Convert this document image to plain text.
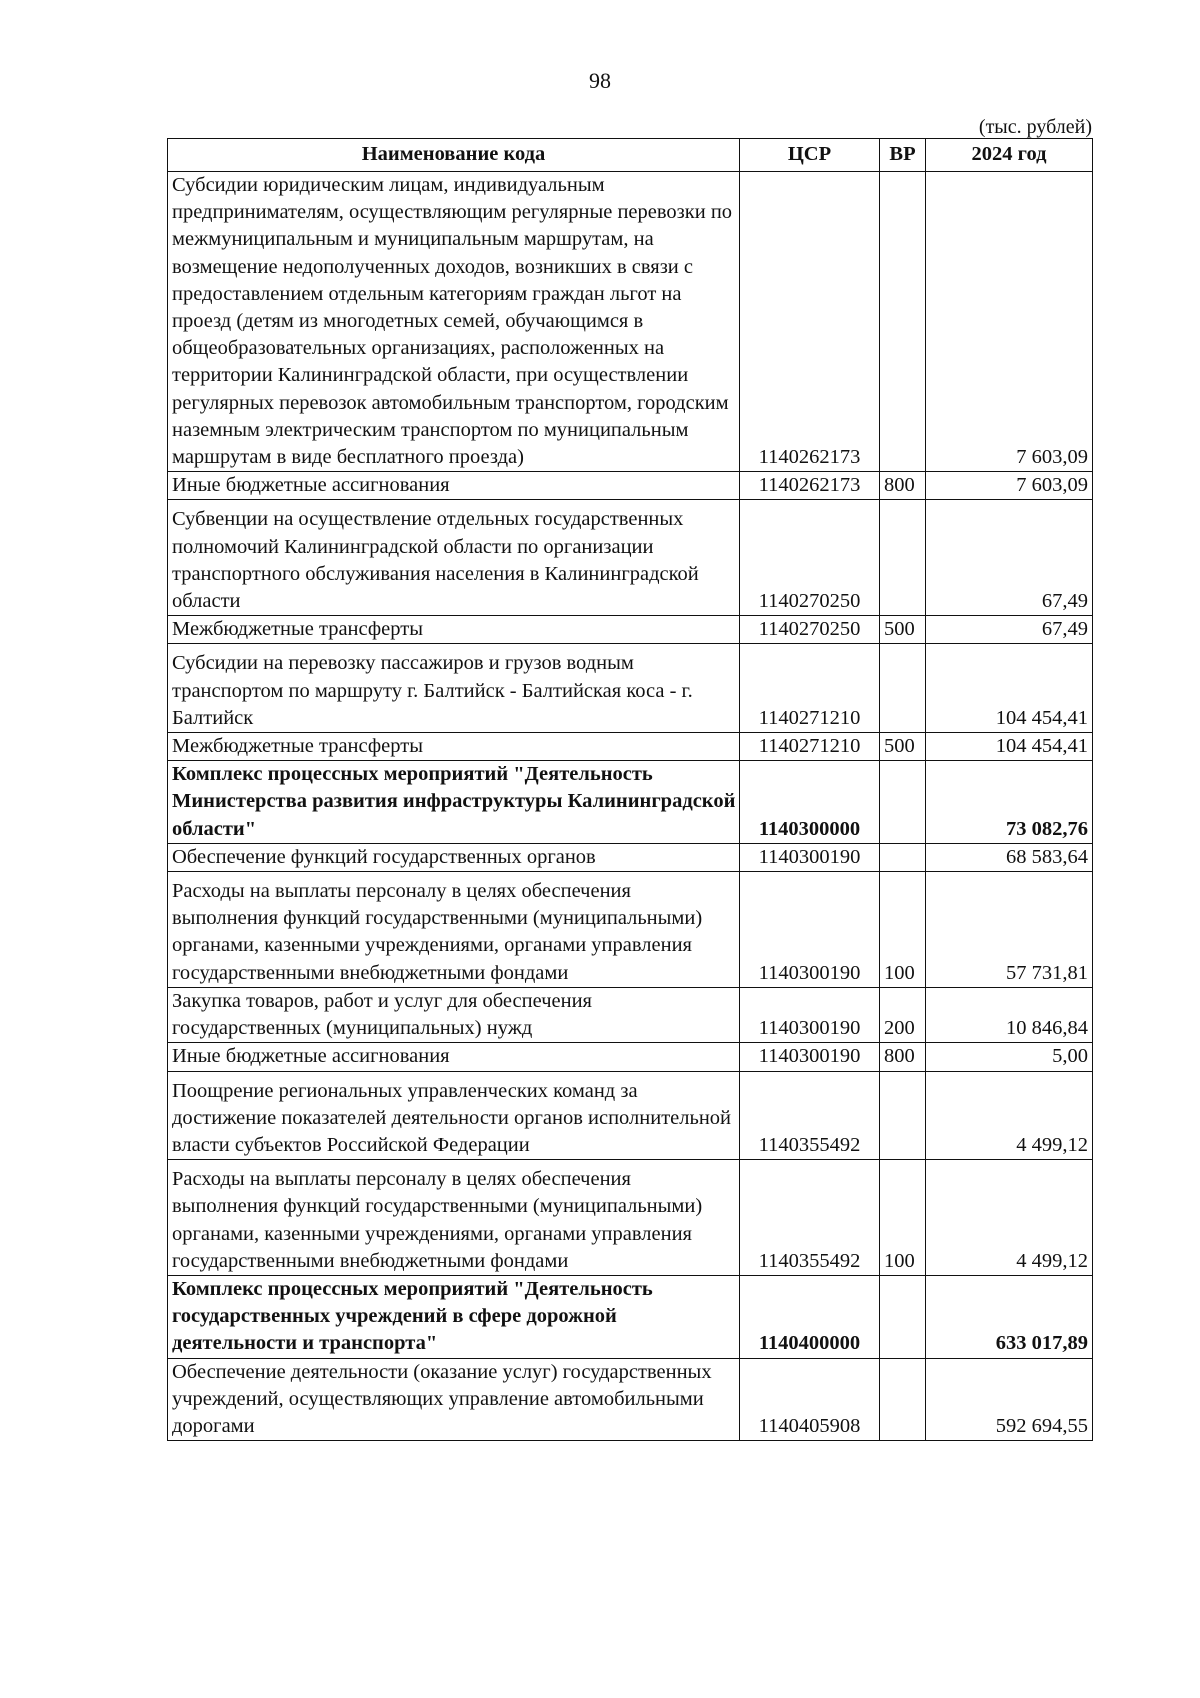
98
(тыс. рублей)
Наименование кода	ЦСР	ВР	2024 год
Субсидии юридическим лицам, индивидуальным предпринимателям, осуществляющим регулярные перевозки по межмуниципальным и муниципальным маршрутам, на возмещение недополученных доходов, возникших в связи с предоставлением отдельным категориям граждан льгот на проезд (детям из многодетных семей, обучающимся в общеобразовательных организациях, расположенных на территории Калининградской области, при осуществлении регулярных перевозок автомобильным транспортом, городским наземным электрическим транспортом по муниципальным маршрутам в виде бесплатного проезда)	1140262173		7 603,09
Иные бюджетные ассигнования	1140262173	800	7 603,09
Субвенции на осуществление отдельных государственных полномочий Калининградской области по организации транспортного обслуживания населения в Калининградской области	1140270250		67,49
Межбюджетные трансферты	1140270250	500	67,49
Субсидии на перевозку пассажиров и грузов водным транспортом по маршруту г. Балтийск - Балтийская коса - г. Балтийск	1140271210		104 454,41
Межбюджетные трансферты	1140271210	500	104 454,41
Комплекс процессных мероприятий "Деятельность Министерства развития инфраструктуры Калининградской области"	1140300000		73 082,76
Обеспечение функций государственных органов	1140300190		68 583,64
Расходы на выплаты персоналу в целях обеспечения выполнения функций государственными (муниципальными) органами, казенными учреждениями, органами управления государственными внебюджетными фондами	1140300190	100	57 731,81
Закупка товаров, работ и услуг для обеспечения государственных (муниципальных) нужд	1140300190	200	10 846,84
Иные бюджетные ассигнования	1140300190	800	5,00
Поощрение региональных управленческих команд за достижение показателей деятельности органов исполнительной власти субъектов Российской Федерации	1140355492		4 499,12
Расходы на выплаты персоналу в целях обеспечения выполнения функций государственными (муниципальными) органами, казенными учреждениями, органами управления государственными внебюджетными фондами	1140355492	100	4 499,12
Комплекс процессных мероприятий "Деятельность государственных учреждений в сфере дорожной деятельности и транспорта"	1140400000		633 017,89
Обеспечение деятельности (оказание услуг) государственных учреждений, осуществляющих управление автомобильными дорогами	1140405908		592 694,55
